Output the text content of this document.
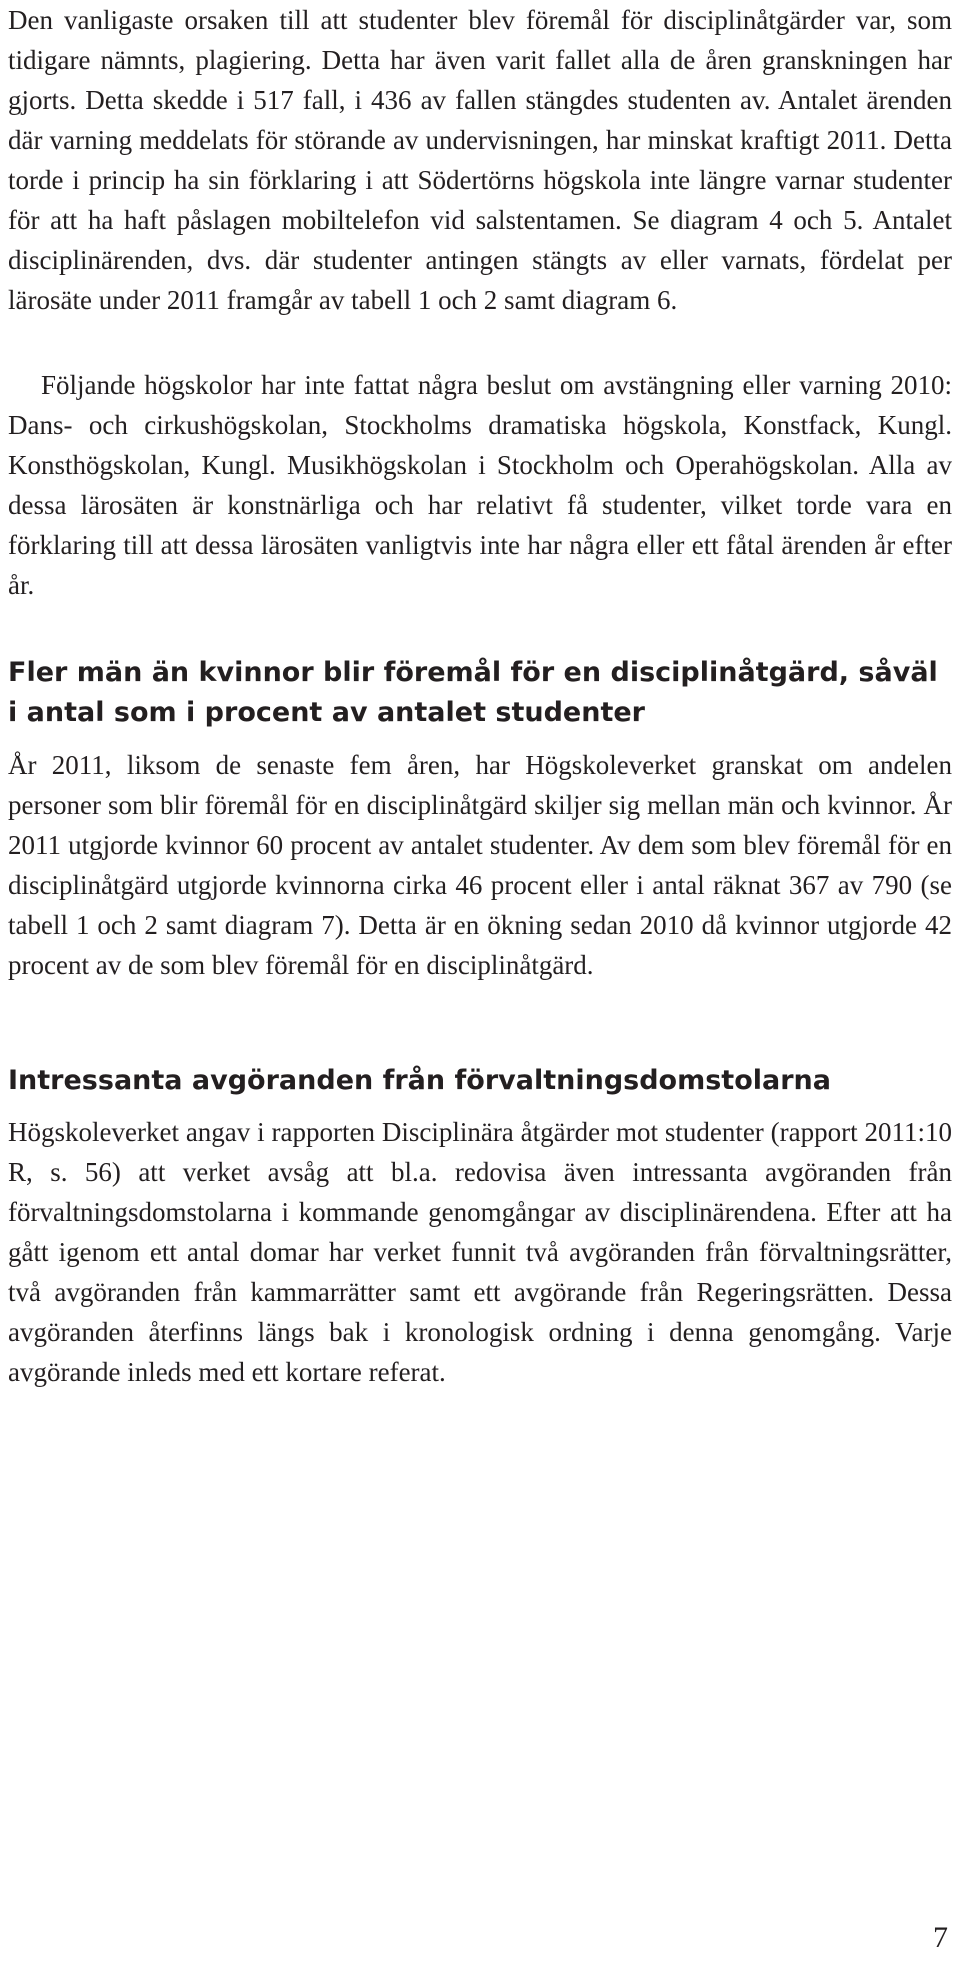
Den vanligaste orsaken till att studenter blev föremål för disciplinåtgärder var, som tidigare nämnts, plagiering. Detta har även varit fallet alla de åren granskningen har gjorts. Detta skedde i 517 fall, i 436 av fallen stängdes studenten av. Antalet ärenden där varning meddelats för störande av undervisningen, har minskat kraftigt 2011. Detta torde i princip ha sin förklaring i att Södertörns högskola inte längre varnar studenter för att ha haft påslagen mobiltelefon vid salstentamen. Se diagram 4 och 5. Antalet disciplinärenden, dvs. där studenter antingen stängts av eller varnats, fördelat per lärosäte under 2011 framgår av tabell 1 och 2 samt diagram 6.

Följande högskolor har inte fattat några beslut om avstängning eller varning 2010: Dans- och cirkushögskolan, Stockholms dramatiska högskola, Konstfack, Kungl. Konsthögskolan, Kungl. Musikhögskolan i Stockholm och Operahögskolan. Alla av dessa lärosäten är konstnärliga och har relativt få studenter, vilket torde vara en förklaring till att dessa lärosäten vanligtvis inte har några eller ett fåtal ärenden år efter år.

Fler män än kvinnor blir föremål för en disciplinåtgärd, såväl i antal som i procent av antalet studenter

År 2011, liksom de senaste fem åren, har Högskoleverket granskat om andelen personer som blir föremål för en disciplinåtgärd skiljer sig mellan män och kvinnor. År 2011 utgjorde kvinnor 60 procent av antalet studenter. Av dem som blev föremål för en disciplinåtgärd utgjorde kvinnorna cirka 46 procent eller i antal räknat 367 av 790 (se tabell 1 och 2 samt diagram 7). Detta är en ökning sedan 2010 då kvinnor utgjorde 42 procent av de som blev föremål för en disciplinåtgärd.

Intressanta avgöranden från förvaltningsdomstolarna

Högskoleverket angav i rapporten Disciplinära åtgärder mot studenter (rapport 2011:10 R, s. 56) att verket avsåg att bl.a. redovisa även intressanta avgöranden från förvaltningsdomstolarna i kommande genomgångar av disciplinärendena. Efter att ha gått igenom ett antal domar har verket funnit två avgöranden från förvaltningsrätter, två avgöranden från kammarrätter samt ett avgörande från Regeringsrätten. Dessa avgöranden återfinns längs bak i kronologisk ordning i denna genomgång. Varje avgörande inleds med ett kortare referat.

7
